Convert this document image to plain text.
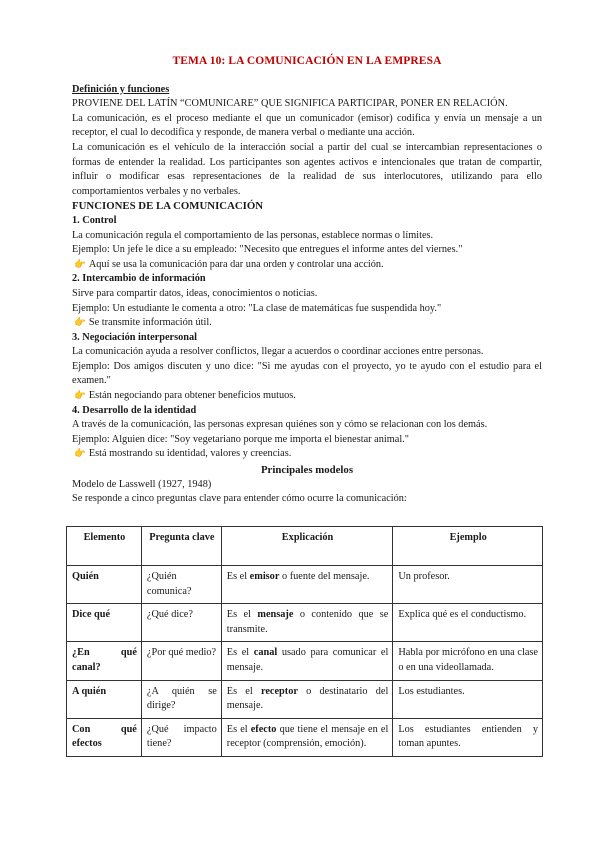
TEMA 10: LA COMUNICACIÓN EN LA EMPRESA

Definición y funciones

PROVIENE DEL LATÍN “COMUNICARE” QUE SIGNIFICA PARTICIPAR, PONER EN RELACIÓN.

La comunicación, es el proceso mediante el que un comunicador (emisor) codifica y envía un mensaje a un receptor, el cual lo decodifica y responde, de manera verbal o mediante una acción.

La comunicación es el vehículo de la interacción social a partir del cual se intercambian representaciones o formas de entender la realidad. Los participantes son agentes activos e intencionales que tratan de compartir, influir o modificar esas representaciones de la realidad de sus interlocutores, utilizando para ello comportamientos verbales y no verbales.

FUNCIONES DE LA COMUNICACIÓN

1. Control

La comunicación regula el comportamiento de las personas, establece normas o límites.

Ejemplo: Un jefe le dice a su empleado: "Necesito que entregues el informe antes del viernes."

👉 Aquí se usa la comunicación para dar una orden y controlar una acción.

2. Intercambio de información

Sirve para compartir datos, ideas, conocimientos o noticias.

Ejemplo: Un estudiante le comenta a otro: "La clase de matemáticas fue suspendida hoy."

👉 Se transmite información útil.

3. Negociación interpersonal

La comunicación ayuda a resolver conflictos, llegar a acuerdos o coordinar acciones entre personas.

Ejemplo: Dos amigos discuten y uno dice: "Si me ayudas con el proyecto, yo te ayudo con el estudio para el examen."

👉 Están negociando para obtener beneficios mutuos.

4. Desarrollo de la identidad

A través de la comunicación, las personas expresan quiénes son y cómo se relacionan con los demás.

Ejemplo: Alguien dice: "Soy vegetariano porque me importa el bienestar animal."

👉 Está mostrando su identidad, valores y creencias.

Principales modelos

Modelo de Lasswell (1927, 1948)

Se responde a cinco preguntas clave para entender cómo ocurre la comunicación:

Elemento	Pregunta clave	Explicación	Ejemplo
Quién	¿Quién comunica?	Es el emisor o fuente del mensaje.	Un profesor.
Dice qué	¿Qué dice?	Es el mensaje o contenido que se transmite.	Explica qué es el conductismo.
¿En qué canal?	¿Por qué medio?	Es el canal usado para comunicar el mensaje.	Habla por micrófono en una clase o en una videollamada.
A quién	¿A quién se dirige?	Es el receptor o destinatario del mensaje.	Los estudiantes.
Con qué efectos	¿Qué impacto tiene?	Es el efecto que tiene el mensaje en el receptor (comprensión, emoción).	Los estudiantes entienden y toman apuntes.
